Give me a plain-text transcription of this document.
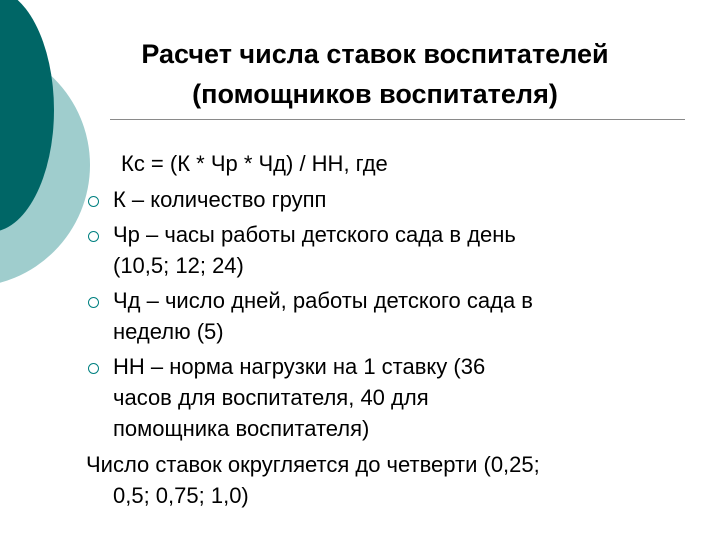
Расчет числа ставок воспитателей
(помощников воспитателя)
Кс = (К * Чр * Чд) / НН, где
К – количество групп
Чр – часы работы детского сада в день
(10,5; 12; 24)
Чд – число дней, работы детского сада в
неделю (5)
НН – норма нагрузки на 1 ставку (36
часов для воспитателя, 40 для
помощника воспитателя)
Число ставок округляется до четверти (0,25;
0,5; 0,75; 1,0)
